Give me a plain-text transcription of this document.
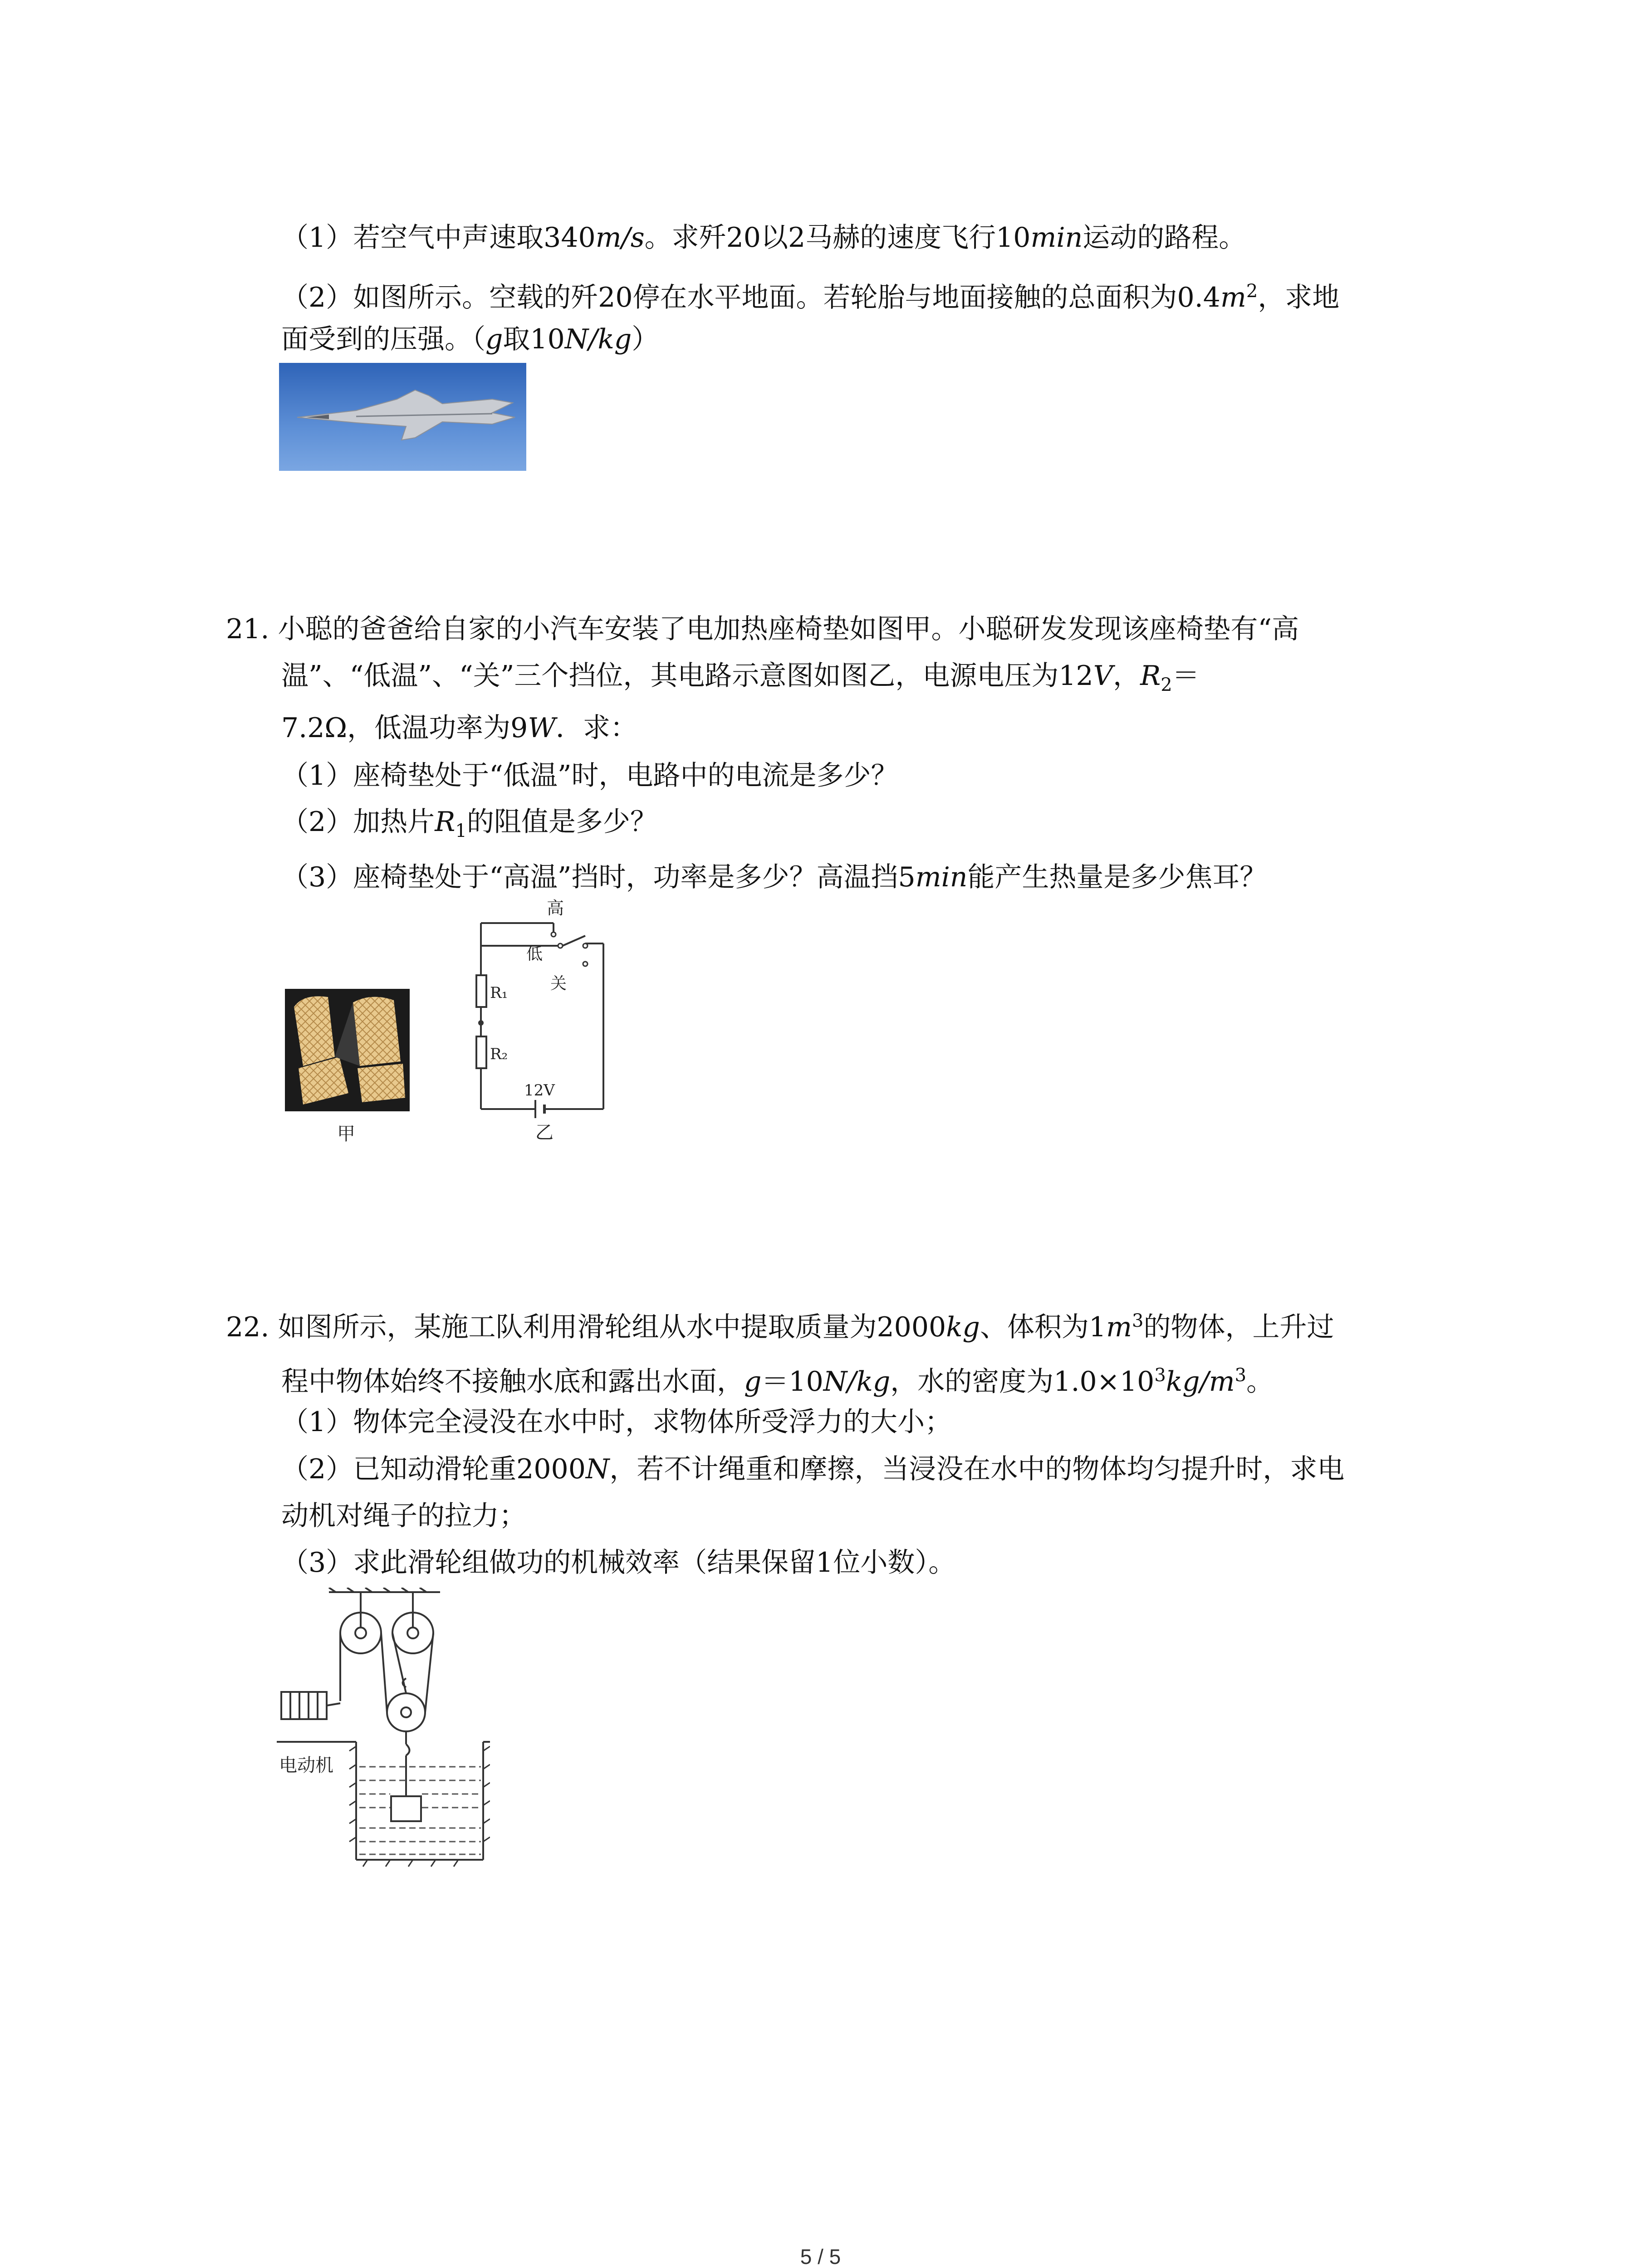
（1）若空气中声速取340m/s。求歼20以2马赫的速度飞行10min运动的路程。
（2）如图所示。空载的歼20停在水平地面。若轮胎与地面接触的总面积为$0.4m^2$，求地
面受到的压强。（g取10N/kg）
21. 小聪的爸爸给自家的小汽车安装了电加热座椅垫如图甲。小聪研发发现该座椅垫有“高
温”、“低温”、“关”三个挡位，其电路示意图如图乙，电源电压为12V，$R_2=$
7.2Ω，低温功率为9W．求：
（1）座椅垫处于“低温”时，电路中的电流是多少？
（2）加热片$R_1$的阻值是多少？
（3）座椅垫处于“高温”挡时，功率是多少？高温挡5min能产生热量是多少焦耳？
甲
高
低
关
R₁
R₂
12V
乙
22. 如图所示，某施工队利用滑轮组从水中提取质量为2000kg、体积为$1m^3$的物体，上升过
程中物体始终不接触水底和露出水面，g＝10N/kg，水的密度为$1.0\times 10^3kg/m^3$。
（1）物体完全浸没在水中时，求物体所受浮力的大小；
（2）已知动滑轮重2000N，若不计绳重和摩擦，当浸没在水中的物体均匀提升时，求电
动机对绳子的拉力；
（3）求此滑轮组做功的机械效率（结果保留1位小数）。
电动机
5 / 5
